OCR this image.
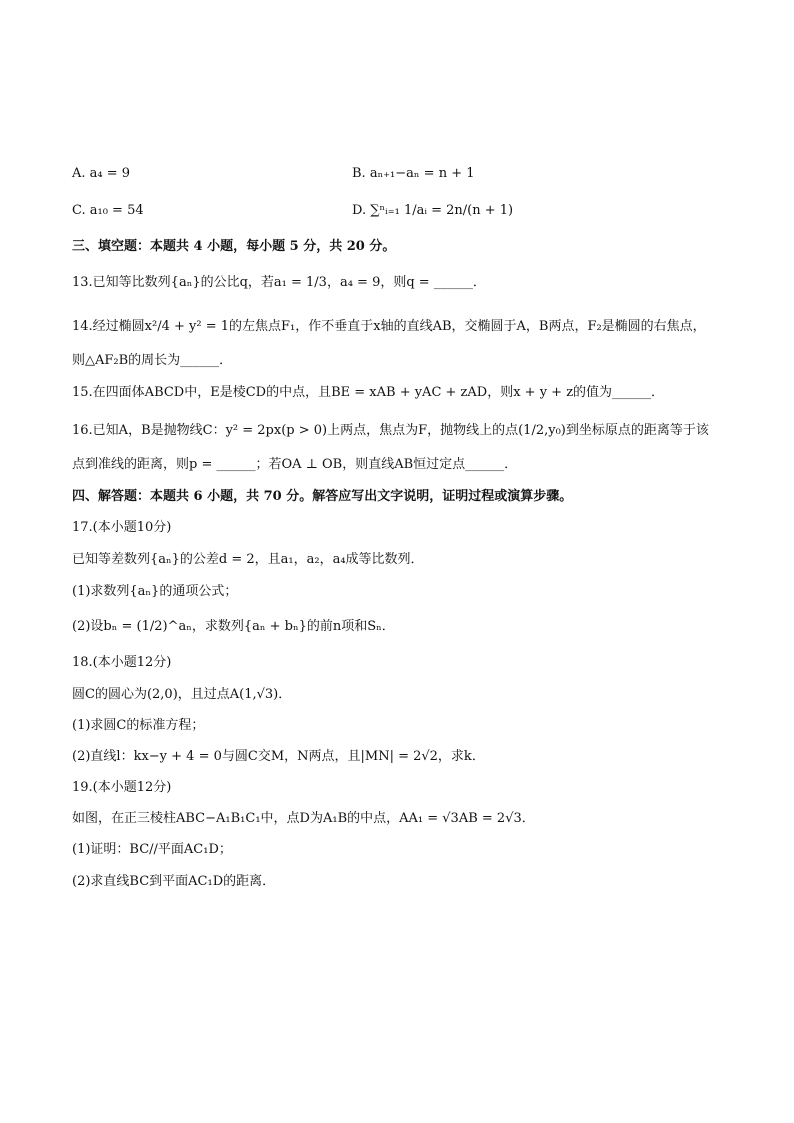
A. a₄ = 9	B. aₙ₊₁−aₙ = n + 1
C. a₁₀ = 54	D. ∑ⁿᵢ₌₁ 1/aᵢ = 2n/(n + 1)
三、填空题：本题共 4 小题，每小题 5 分，共 20 分。
13.已知等比数列{aₙ}的公比q，若a₁ = 1/3，a₄ = 9，则q = ______．
14.经过椭圆x²/4 + y² = 1的左焦点F₁，作不垂直于x轴的直线AB，交椭圆于A，B两点，F₂是椭圆的右焦点，
则△AF₂B的周长为______．
15.在四面体ABCD中，E是棱CD的中点，且BE = xAB + yAC + zAD，则x + y + z的值为______．
16.已知A，B是抛物线C：y² = 2px(p > 0)上两点，焦点为F，抛物线上的点(1/2,y₀)到坐标原点的距离等于该
点到准线的距离，则p = ______；若OA ⊥ OB，则直线AB恒过定点______．
四、解答题：本题共 6 小题，共 70 分。解答应写出文字说明，证明过程或演算步骤。
17.(本小题10分)
已知等差数列{aₙ}的公差d = 2，且a₁，a₂，a₄成等比数列．
(1)求数列{aₙ}的通项公式；
(2)设bₙ = (1/2)^aₙ，求数列{aₙ + bₙ}的前n项和Sₙ．
18.(本小题12分)
圆C的圆心为(2,0)，且过点A(1,√3)．
(1)求圆C的标准方程；
(2)直线l：kx−y + 4 = 0与圆C交M，N两点，且|MN| = 2√2，求k．
19.(本小题12分)
如图，在正三棱柱ABC−A₁B₁C₁中，点D为A₁B的中点，AA₁ = √3AB = 2√3．
(1)证明：BC//平面AC₁D；
(2)求直线BC到平面AC₁D的距离．
